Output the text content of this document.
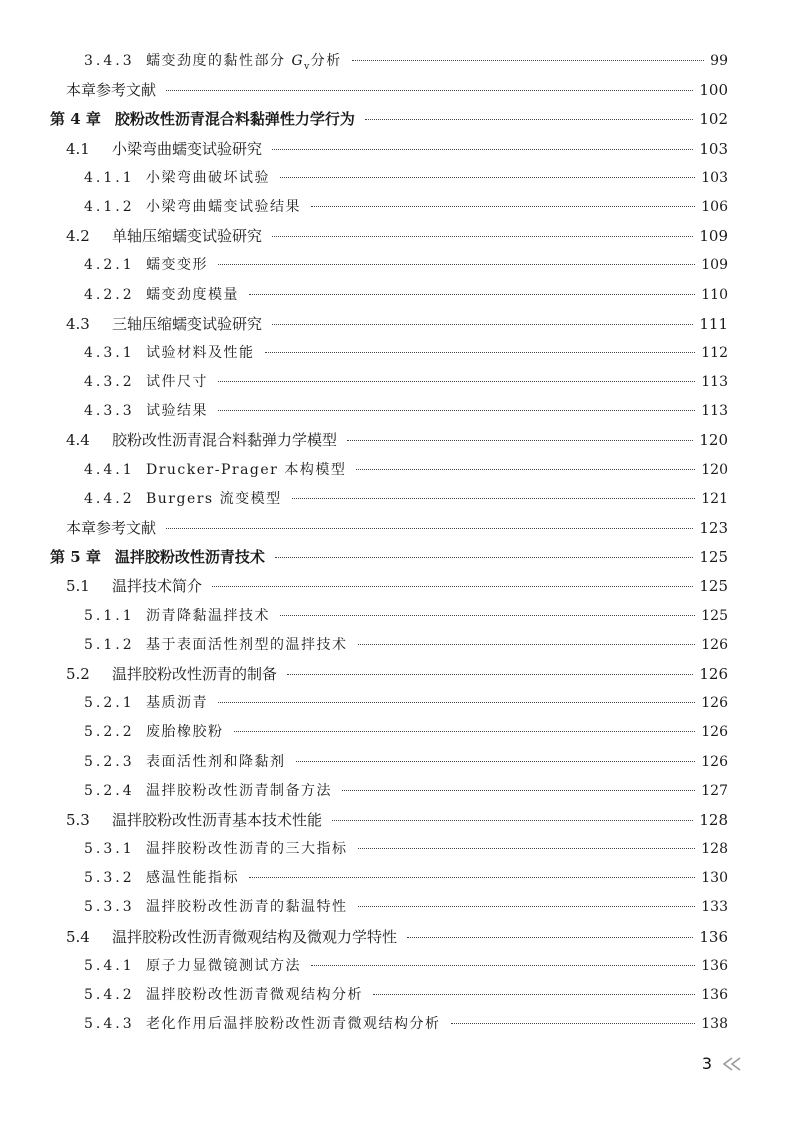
3.4.3 蠕变劲度的黏性部分 $G_v$分析	99
本章参考文献	100
第 4 章 胶粉改性沥青混合料黏弹性力学行为	102
4.1 小梁弯曲蠕变试验研究	103
4.1.1 小梁弯曲破坏试验	103
4.1.2 小梁弯曲蠕变试验结果	106
4.2 单轴压缩蠕变试验研究	109
4.2.1 蠕变变形	109
4.2.2 蠕变劲度模量	110
4.3 三轴压缩蠕变试验研究	111
4.3.1 试验材料及性能	112
4.3.2 试件尺寸	113
4.3.3 试验结果	113
4.4 胶粉改性沥青混合料黏弹力学模型	120
4.4.1 Drucker-Prager 本构模型	120
4.4.2 Burgers 流变模型	121
本章参考文献	123
第 5 章 温拌胶粉改性沥青技术	125
5.1 温拌技术简介	125
5.1.1 沥青降黏温拌技术	125
5.1.2 基于表面活性剂型的温拌技术	126
5.2 温拌胶粉改性沥青的制备	126
5.2.1 基质沥青	126
5.2.2 废胎橡胶粉	126
5.2.3 表面活性剂和降黏剂	126
5.2.4 温拌胶粉改性沥青制备方法	127
5.3 温拌胶粉改性沥青基本技术性能	128
5.3.1 温拌胶粉改性沥青的三大指标	128
5.3.2 感温性能指标	130
5.3.3 温拌胶粉改性沥青的黏温特性	133
5.4 温拌胶粉改性沥青微观结构及微观力学特性	136
5.4.1 原子力显微镜测试方法	136
5.4.2 温拌胶粉改性沥青微观结构分析	136
5.4.3 老化作用后温拌胶粉改性沥青微观结构分析	138
3
